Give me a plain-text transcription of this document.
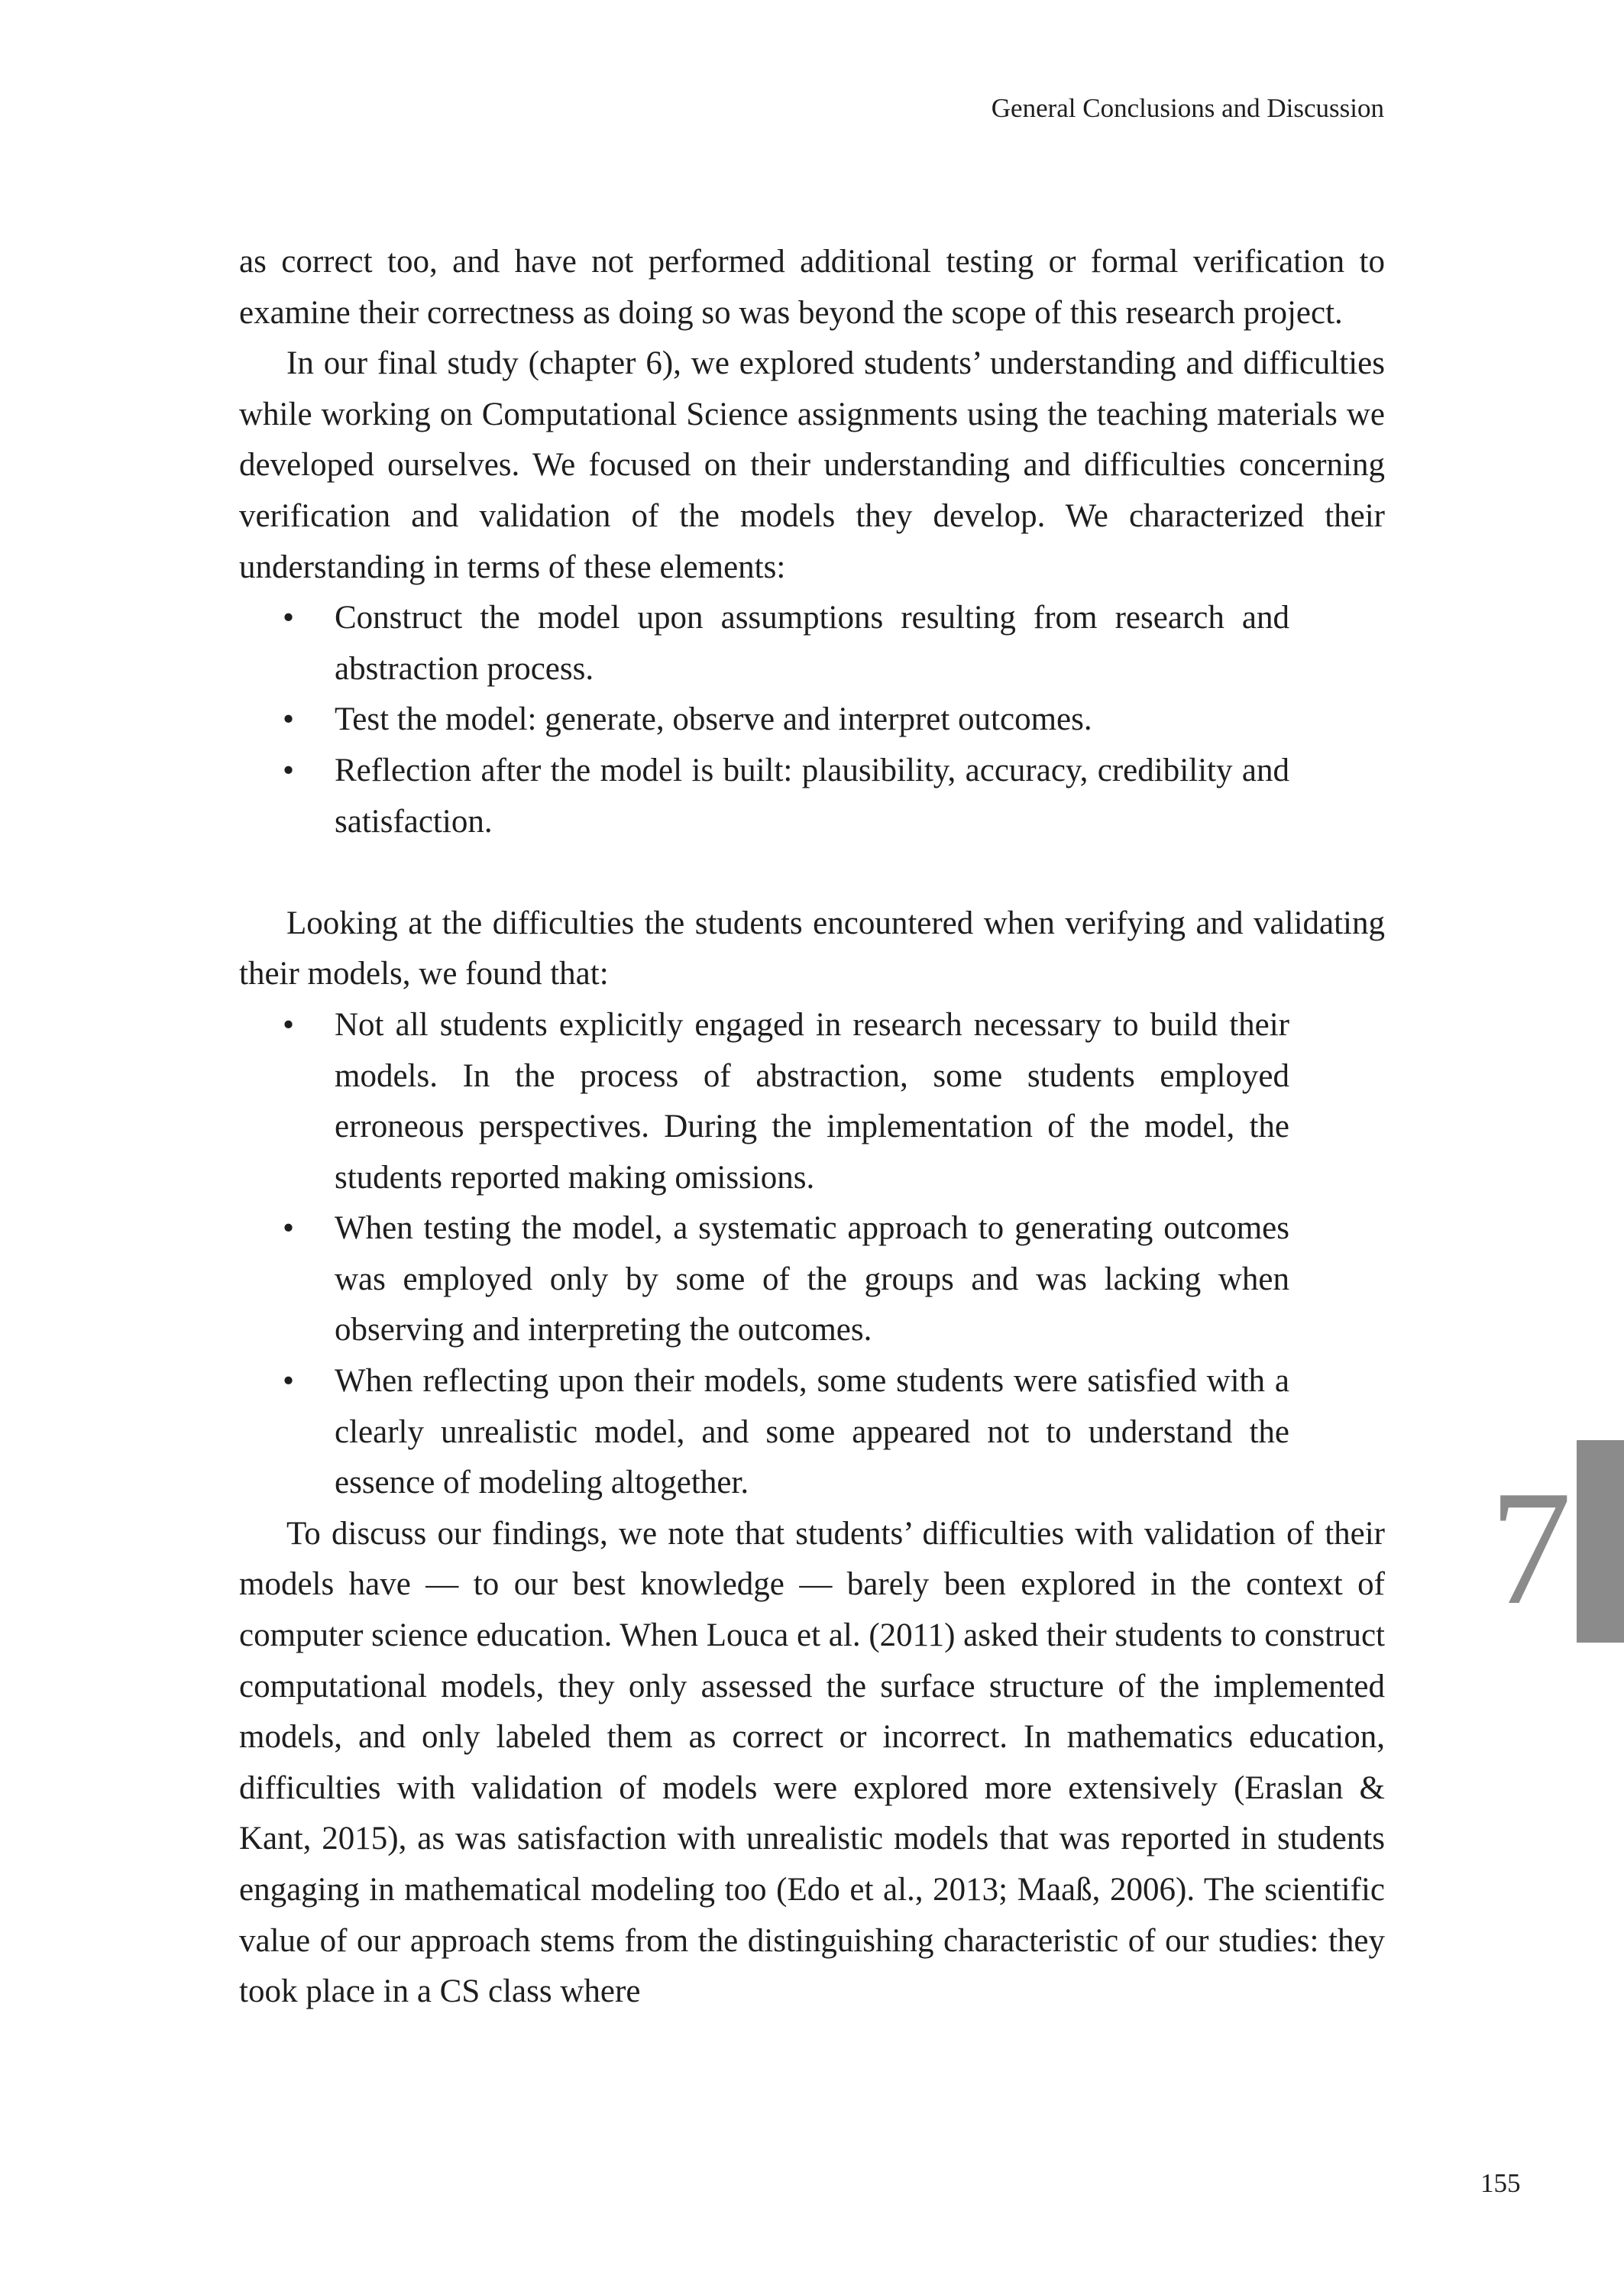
General Conclusions and Discussion

as correct too, and have not performed additional testing or formal verification to examine their correctness as doing so was beyond the scope of this research project.

In our final study (chapter 6), we explored students’ understanding and difficulties while working on Computational Science assignments using the teaching materials we developed ourselves. We focused on their understanding and difficulties concerning verification and validation of the models they develop. We characterized their understanding in terms of these elements:

• Construct the model upon assumptions resulting from research and abstraction process.
• Test the model: generate, observe and interpret outcomes.
• Reflection after the model is built: plausibility, accuracy, credibility and satisfaction.

Looking at the difficulties the students encountered when verifying and validating their models, we found that:

• Not all students explicitly engaged in research necessary to build their models. In the process of abstraction, some students employed erroneous perspectives. During the implementation of the model, the students reported making omissions.
• When testing the model, a systematic approach to generating outcomes was employed only by some of the groups and was lacking when observing and interpreting the outcomes.
• When reflecting upon their models, some students were satisfied with a clearly unrealistic model, and some appeared not to understand the essence of modeling altogether.

To discuss our findings, we note that students’ difficulties with validation of their models have — to our best knowledge — barely been explored in the context of computer science education. When Louca et al. (2011) asked their students to construct computational models, they only assessed the surface structure of the implemented models, and only labeled them as correct or incorrect. In mathematics education, difficulties with validation of models were explored more extensively (Eraslan & Kant, 2015), as was satisfaction with unrealistic models that was reported in students engaging in mathematical modeling too (Edo et al., 2013; Maaß, 2006). The scientific value of our approach stems from the distinguishing characteristic of our studies: they took place in a CS class where

7
155
